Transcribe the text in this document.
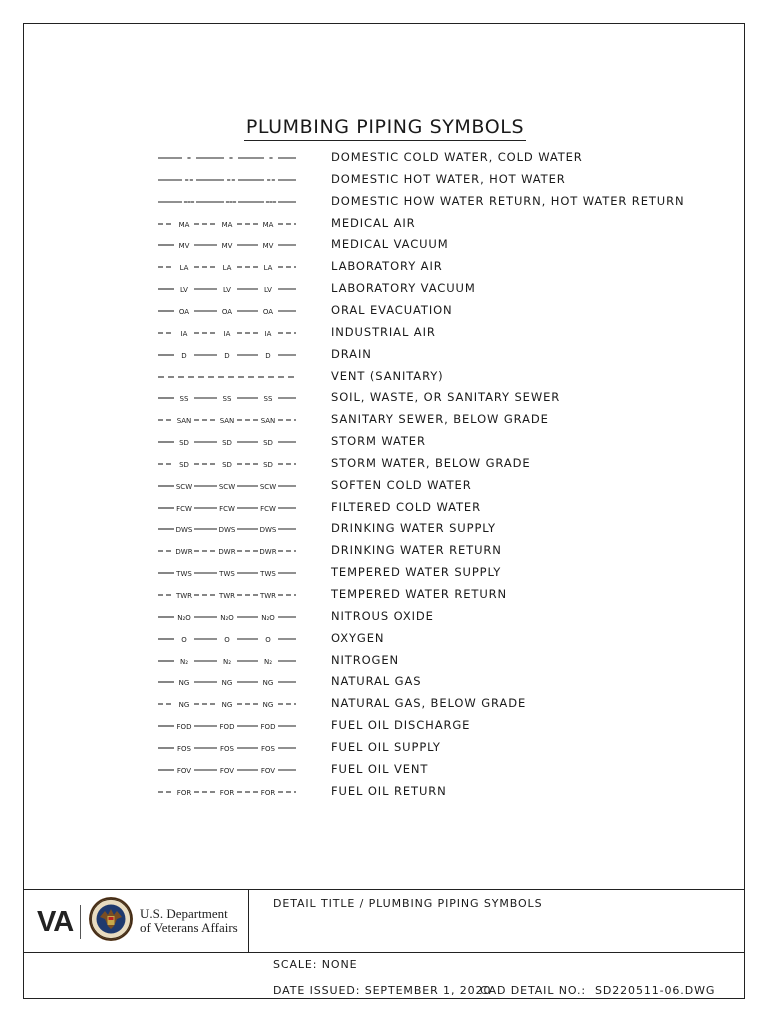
PLUMBING PIPING SYMBOLS
DOMESTIC COLD WATER, COLD WATER
DOMESTIC HOT WATER, HOT WATER
DOMESTIC HOW WATER RETURN, HOT WATER RETURN
MA	MA	MA	MEDICAL AIR
MV	MV	MV	MEDICAL VACUUM
LA	LA	LA	LABORATORY AIR
LV	LV	LV	LABORATORY VACUUM
OA	OA	OA	ORAL EVACUATION
IA	IA	IA	INDUSTRIAL AIR
D	D	D	DRAIN
VENT (SANITARY)
SS	SS	SS	SOIL, WASTE, OR SANITARY SEWER
SAN	SAN	SAN	SANITARY SEWER, BELOW GRADE
SD	SD	SD	STORM WATER
SD	SD	SD	STORM WATER, BELOW GRADE
SCW	SCW	SCW	SOFTEN COLD WATER
FCW	FCW	FCW	FILTERED COLD WATER
DWS	DWS	DWS	DRINKING WATER SUPPLY
DWR	DWR	DWR	DRINKING WATER RETURN
TWS	TWS	TWS	TEMPERED WATER SUPPLY
TWR	TWR	TWR	TEMPERED WATER RETURN
N₂O	N₂O	N₂O	NITROUS OXIDE
O	O	O	OXYGEN
N₂	N₂	N₂	NITROGEN
NG	NG	NG	NATURAL GAS
NG	NG	NG	NATURAL GAS, BELOW GRADE
FOD	FOD	FOD	FUEL OIL DISCHARGE
FOS	FOS	FOS	FUEL OIL SUPPLY
FOV	FOV	FOV	FUEL OIL VENT
FOR	FOR	FOR	FUEL OIL RETURN
VA	U.S. Department
of Veterans Affairs
DETAIL TITLE / PLUMBING PIPING SYMBOLS
SCALE: NONE
DATE ISSUED: SEPTEMBER 1, 2020
CAD DETAIL NO.: SD220511-06.DWG
